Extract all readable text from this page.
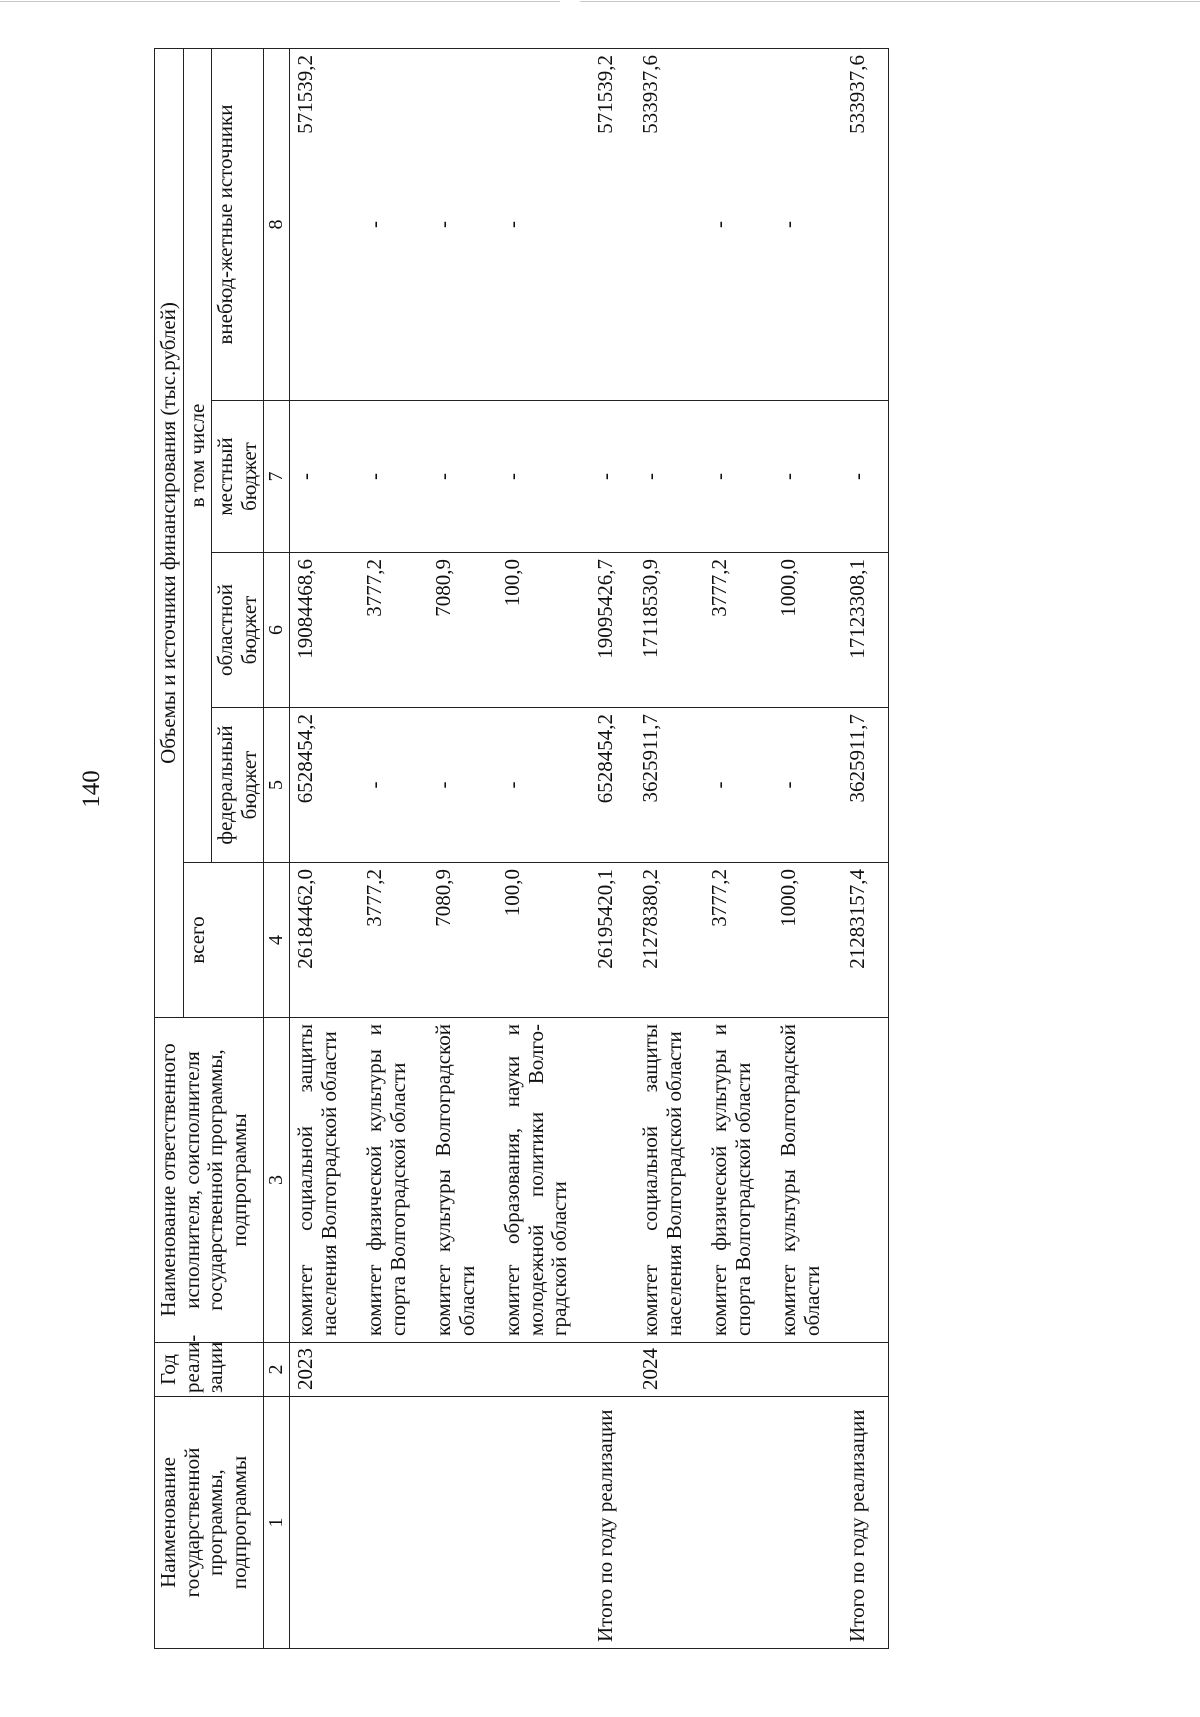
140
Наименование государственной программы, подпрограммы	Год реали-зации	Наименование ответственного исполнителя, соисполнителя государственной программы, подпрограммы	Объемы и источники финансирования (тыс.рублей)				
			всего	в том числе			
				федеральный бюджет	областной бюджет	местный бюджет	внебюд-жетные источники
1	2	3	4	5	6	7	8
	2023	комитет социальной защиты населения Волгоградской области	26184462,0	6528454,2	19084468,6	-	571539,2
		комитет физической культуры и спорта Волгоградской области	3777,2	-	3777,2	-	-
		комитет культуры Волгоградской области	7080,9	-	7080,9	-	-
		комитет образования, науки и молодежной политики Волго-градской области	100,0	-	100,0	-	-
Итого по году реализации			26195420,1	6528454,2	19095426,7	-	571539,2
	2024	комитет социальной защиты населения Волгоградской области	21278380,2	3625911,7	17118530,9	-	533937,6
		комитет физической культуры и спорта Волгоградской области	3777,2	-	3777,2	-	-
		комитет культуры Волгоградской области	1000,0	-	1000,0	-	-
Итого по году реализации			21283157,4	3625911,7	17123308,1	-	533937,6
